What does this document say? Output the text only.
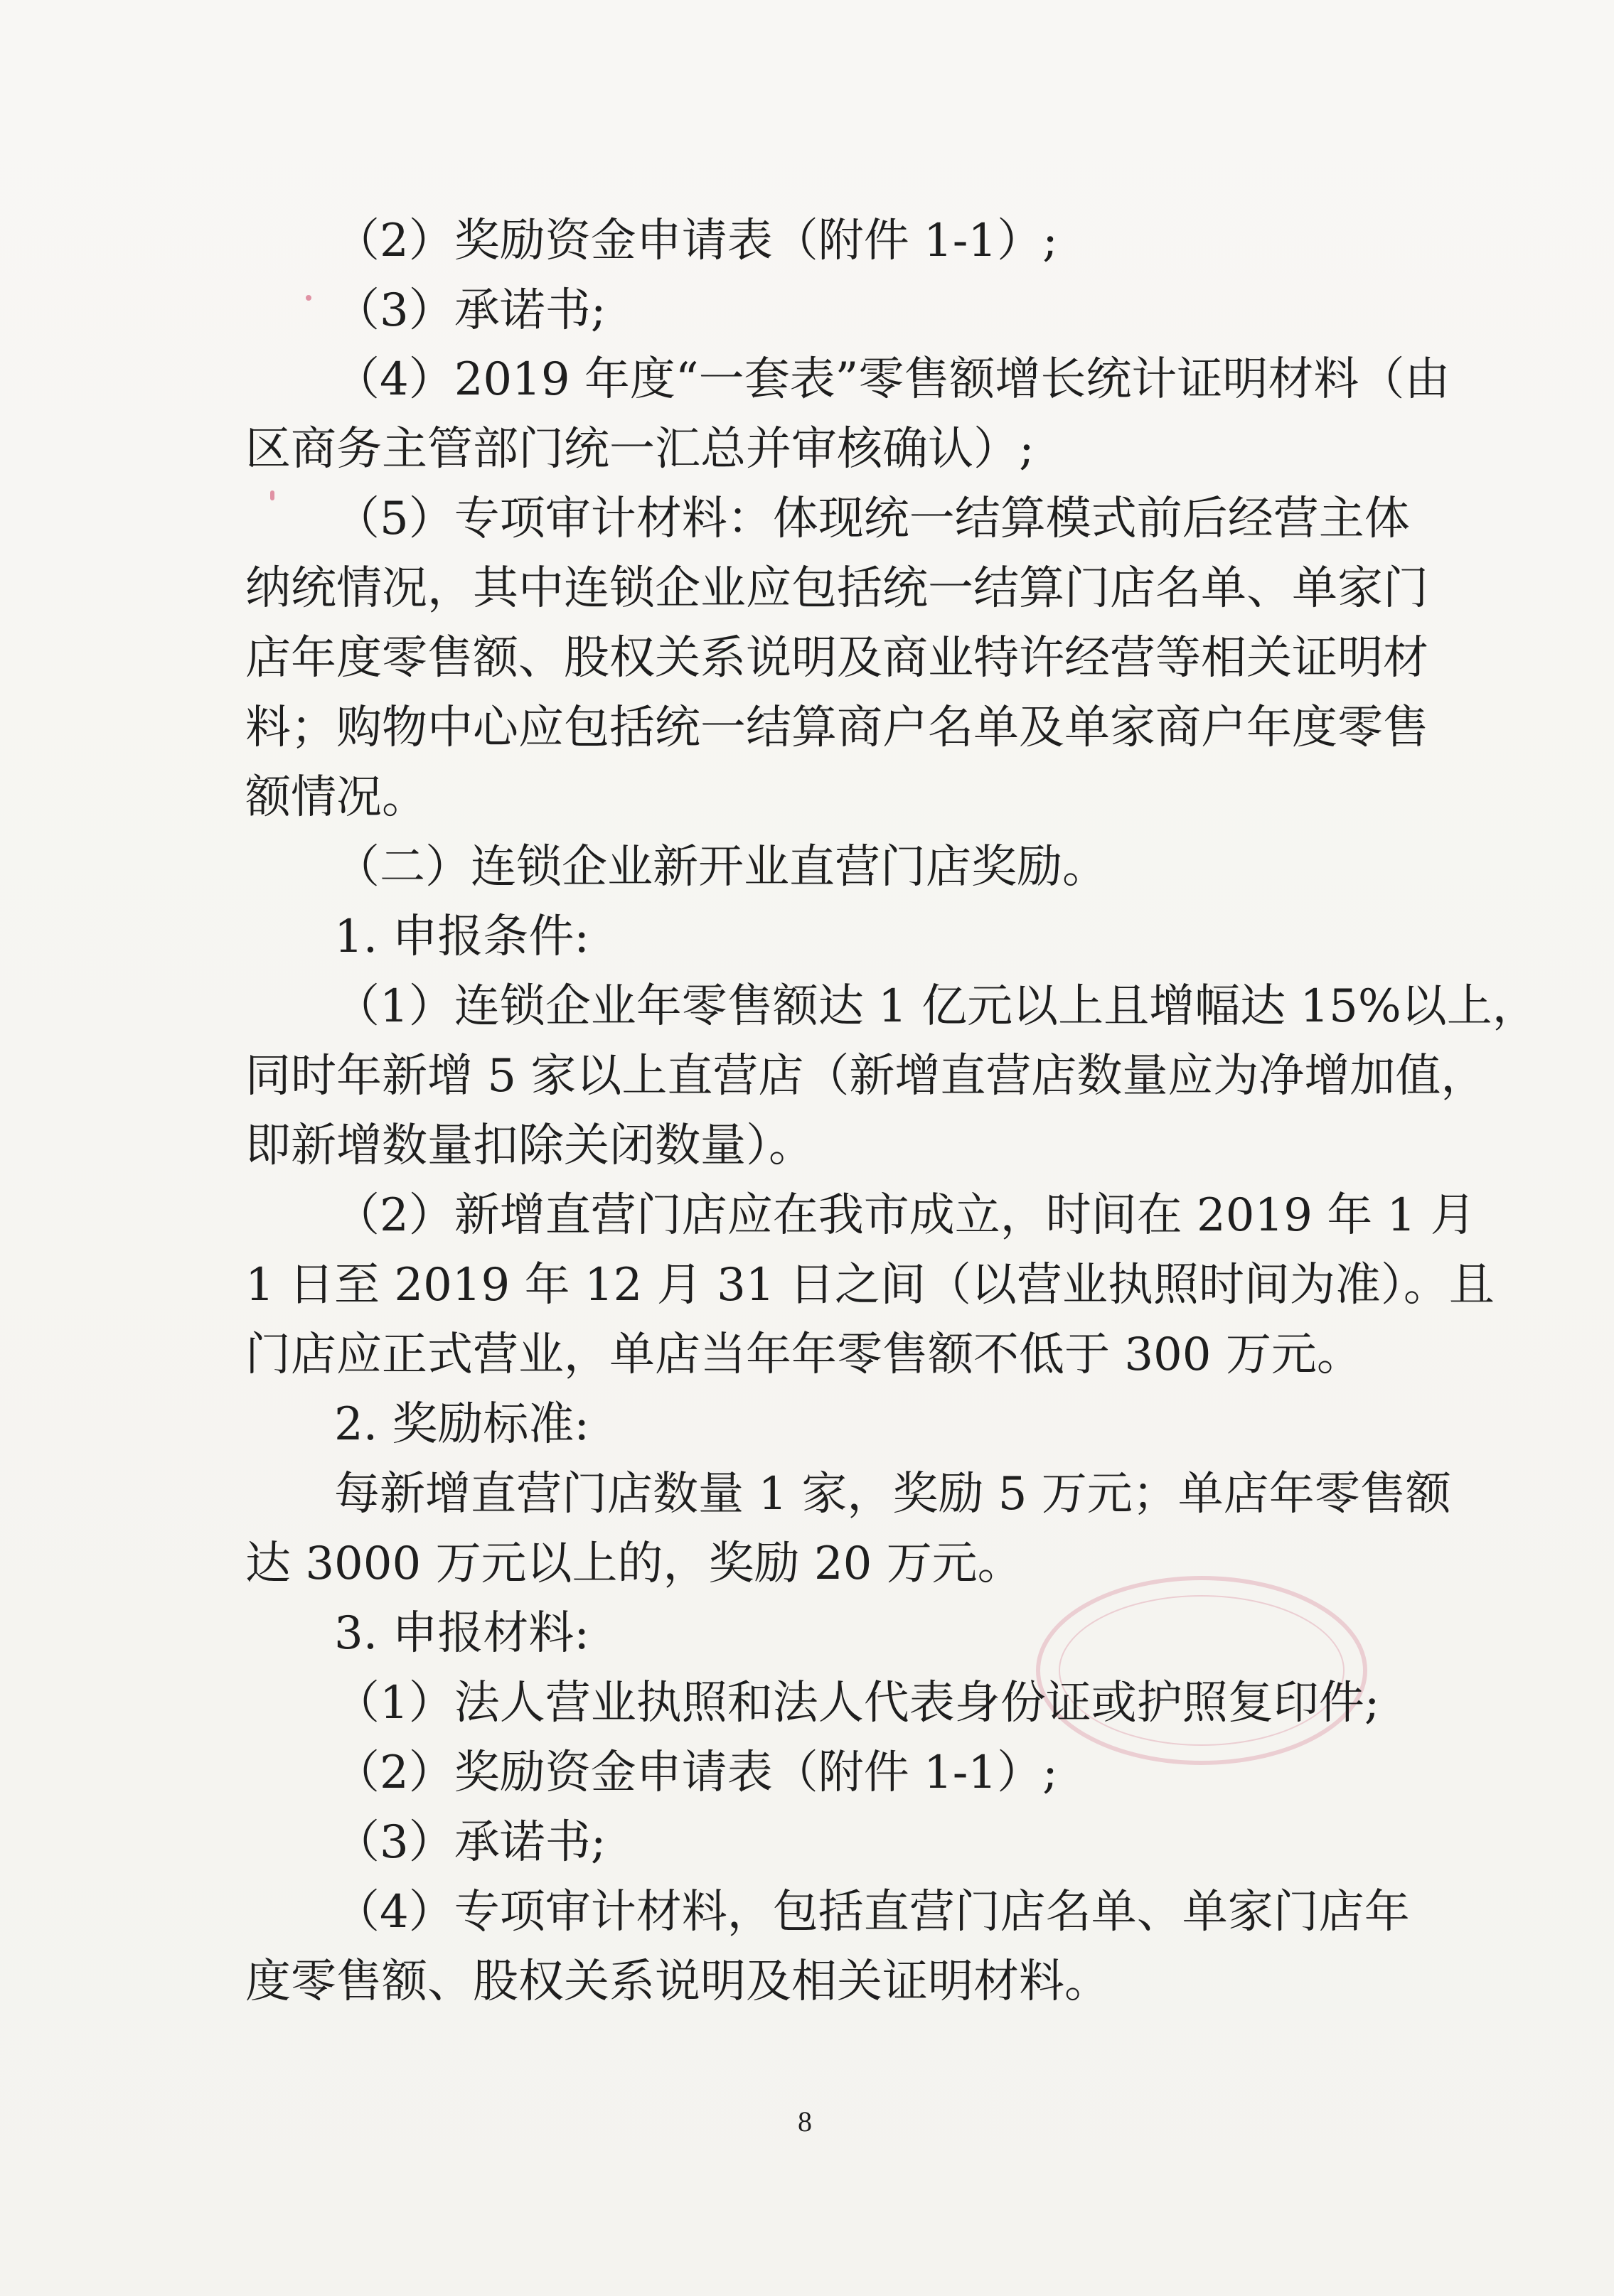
（2）奖励资金申请表（附件 1-1）;
（3）承诺书;
（4）2019 年度“一套表”零售额增长统计证明材料（由
区商务主管部门统一汇总并审核确认）;
（5）专项审计材料：体现统一结算模式前后经营主体
纳统情况，其中连锁企业应包括统一结算门店名单、单家门
店年度零售额、股权关系说明及商业特许经营等相关证明材
料；购物中心应包括统一结算商户名单及单家商户年度零售
额情况。
（二）连锁企业新开业直营门店奖励。
1. 申报条件:
（1）连锁企业年零售额达 1 亿元以上且增幅达 15%以上，
同时年新增 5 家以上直营店（新增直营店数量应为净增加值，
即新增数量扣除关闭数量）。
（2）新增直营门店应在我市成立，时间在 2019 年 1 月
1 日至 2019 年 12 月 31 日之间（以营业执照时间为准）。且
门店应正式营业，单店当年年零售额不低于 300 万元。
2. 奖励标准:
每新增直营门店数量 1 家，奖励 5 万元；单店年零售额
达 3000 万元以上的，奖励 20 万元。
3. 申报材料:
（1）法人营业执照和法人代表身份证或护照复印件;
（2）奖励资金申请表（附件 1-1）;
（3）承诺书;
（4）专项审计材料，包括直营门店名单、单家门店年
度零售额、股权关系说明及相关证明材料。
8
